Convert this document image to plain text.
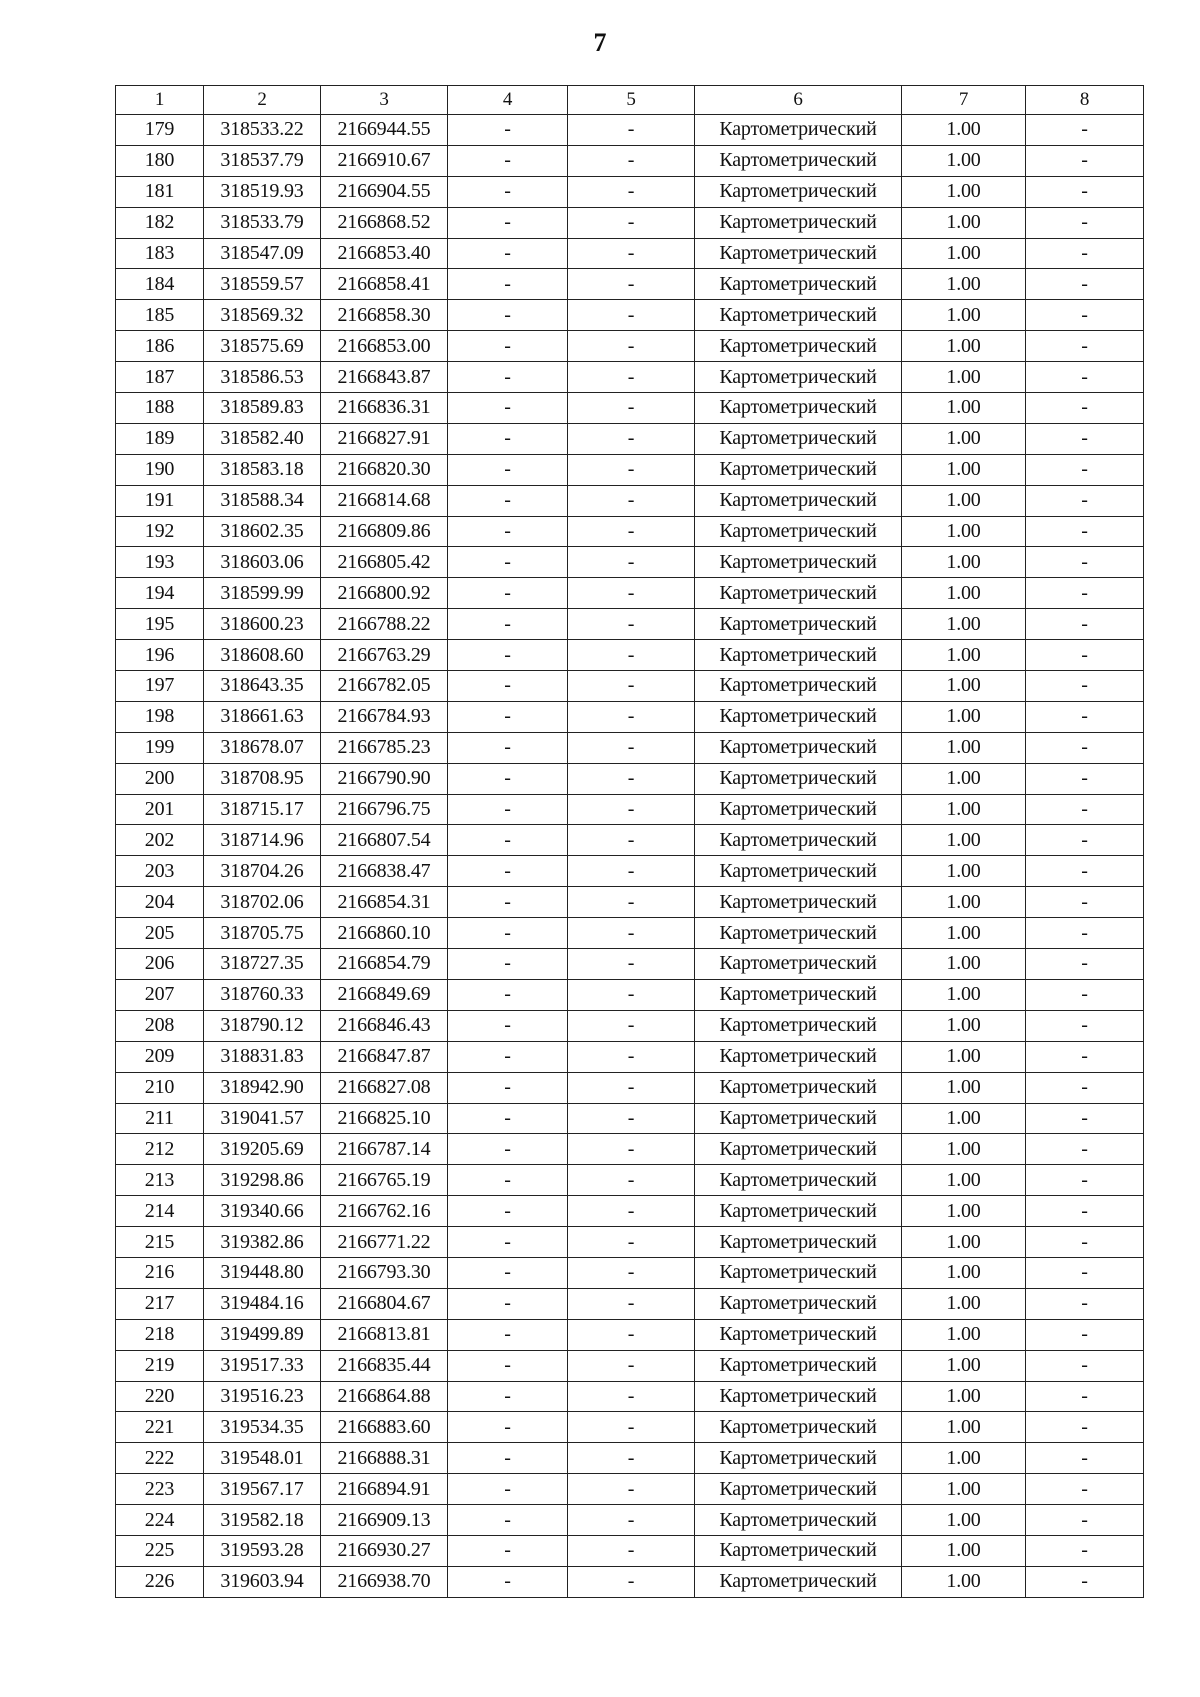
7
1	2	3	4	5	6	7	8
179	318533.22	2166944.55	-	-	Картометрический	1.00	-
180	318537.79	2166910.67	-	-	Картометрический	1.00	-
181	318519.93	2166904.55	-	-	Картометрический	1.00	-
182	318533.79	2166868.52	-	-	Картометрический	1.00	-
183	318547.09	2166853.40	-	-	Картометрический	1.00	-
184	318559.57	2166858.41	-	-	Картометрический	1.00	-
185	318569.32	2166858.30	-	-	Картометрический	1.00	-
186	318575.69	2166853.00	-	-	Картометрический	1.00	-
187	318586.53	2166843.87	-	-	Картометрический	1.00	-
188	318589.83	2166836.31	-	-	Картометрический	1.00	-
189	318582.40	2166827.91	-	-	Картометрический	1.00	-
190	318583.18	2166820.30	-	-	Картометрический	1.00	-
191	318588.34	2166814.68	-	-	Картометрический	1.00	-
192	318602.35	2166809.86	-	-	Картометрический	1.00	-
193	318603.06	2166805.42	-	-	Картометрический	1.00	-
194	318599.99	2166800.92	-	-	Картометрический	1.00	-
195	318600.23	2166788.22	-	-	Картометрический	1.00	-
196	318608.60	2166763.29	-	-	Картометрический	1.00	-
197	318643.35	2166782.05	-	-	Картометрический	1.00	-
198	318661.63	2166784.93	-	-	Картометрический	1.00	-
199	318678.07	2166785.23	-	-	Картометрический	1.00	-
200	318708.95	2166790.90	-	-	Картометрический	1.00	-
201	318715.17	2166796.75	-	-	Картометрический	1.00	-
202	318714.96	2166807.54	-	-	Картометрический	1.00	-
203	318704.26	2166838.47	-	-	Картометрический	1.00	-
204	318702.06	2166854.31	-	-	Картометрический	1.00	-
205	318705.75	2166860.10	-	-	Картометрический	1.00	-
206	318727.35	2166854.79	-	-	Картометрический	1.00	-
207	318760.33	2166849.69	-	-	Картометрический	1.00	-
208	318790.12	2166846.43	-	-	Картометрический	1.00	-
209	318831.83	2166847.87	-	-	Картометрический	1.00	-
210	318942.90	2166827.08	-	-	Картометрический	1.00	-
211	319041.57	2166825.10	-	-	Картометрический	1.00	-
212	319205.69	2166787.14	-	-	Картометрический	1.00	-
213	319298.86	2166765.19	-	-	Картометрический	1.00	-
214	319340.66	2166762.16	-	-	Картометрический	1.00	-
215	319382.86	2166771.22	-	-	Картометрический	1.00	-
216	319448.80	2166793.30	-	-	Картометрический	1.00	-
217	319484.16	2166804.67	-	-	Картометрический	1.00	-
218	319499.89	2166813.81	-	-	Картометрический	1.00	-
219	319517.33	2166835.44	-	-	Картометрический	1.00	-
220	319516.23	2166864.88	-	-	Картометрический	1.00	-
221	319534.35	2166883.60	-	-	Картометрический	1.00	-
222	319548.01	2166888.31	-	-	Картометрический	1.00	-
223	319567.17	2166894.91	-	-	Картометрический	1.00	-
224	319582.18	2166909.13	-	-	Картометрический	1.00	-
225	319593.28	2166930.27	-	-	Картометрический	1.00	-
226	319603.94	2166938.70	-	-	Картометрический	1.00	-
